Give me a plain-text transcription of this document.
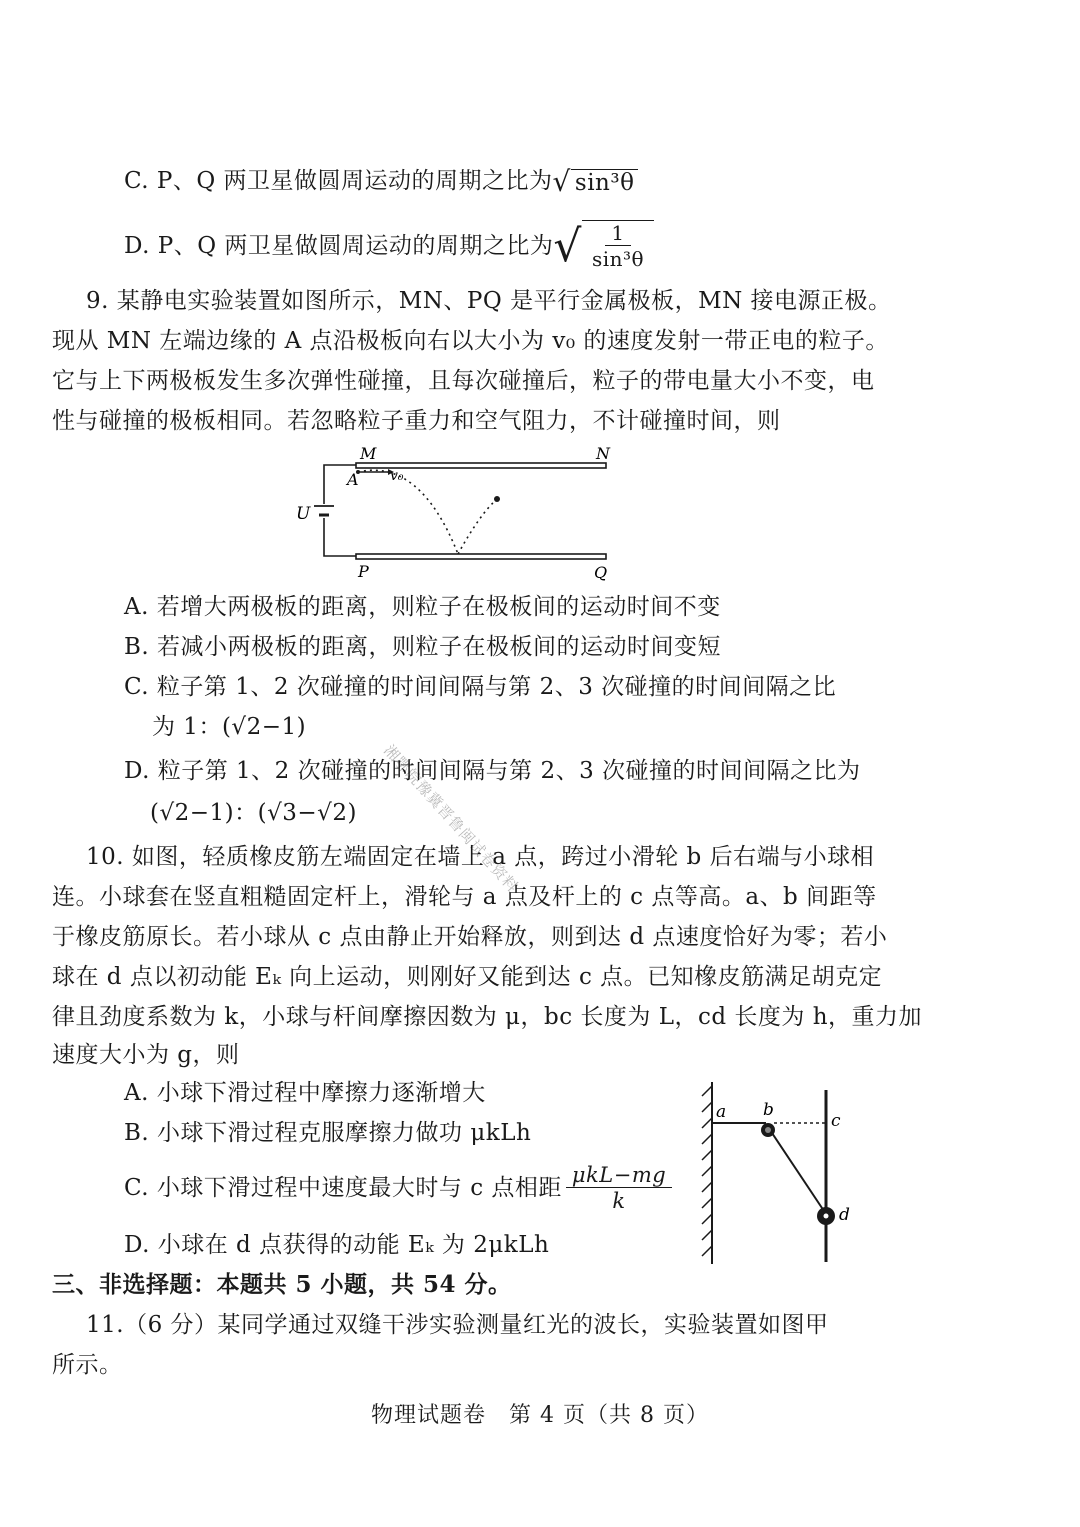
C. P、Q 两卫星做圆周运动的周期之比为 √ sin³θ
D. P、Q 两卫星做圆周运动的周期之比为 √ $\frac{1}{\text{sin³θ}}$
9. 某静电实验装置如图所示，MN、PQ 是平行金属极板，MN 接电源正极。
现从 MN 左端边缘的 A 点沿极板向右以大小为 v₀ 的速度发射一带正电的粒子。
它与上下两极板发生多次弹性碰撞，且每次碰撞后，粒子的带电量大小不变，电
性与碰撞的极板相同。若忽略粒子重力和空气阻力，不计碰撞时间，则
M	N
A v₀
U
P	Q
A. 若增大两极板的距离，则粒子在极板间的运动时间不变
B. 若减小两极板的距离，则粒子在极板间的运动时间变短
C. 粒子第 1、2 次碰撞的时间间隔与第 2、3 次碰撞的时间间隔之比
为 1：(√2−1)
D. 粒子第 1、2 次碰撞的时间间隔与第 2、3 次碰撞的时间间隔之比为
(√2−1)：(√3−√2)
10. 如图，轻质橡皮筋左端固定在墙上 a 点，跨过小滑轮 b 后右端与小球相
连。小球套在竖直粗糙固定杆上，滑轮与 a 点及杆上的 c 点等高。a、b 间距等
于橡皮筋原长。若小球从 c 点由静止开始释放，则到达 d 点速度恰好为零；若小
球在 d 点以初动能 Eₖ 向上运动，则刚好又能到达 c 点。已知橡皮筋满足胡克定
律且劲度系数为 k，小球与杆间摩擦因数为 μ，bc 长度为 L，cd 长度为 h，重力加
速度大小为 g，则
A. 小球下滑过程中摩擦力逐渐增大
B. 小球下滑过程克服摩擦力做功 μkLh
C. 小球下滑过程中速度最大时与 c 点相距 $\frac{\text{μkL−mg}}{k}$
D. 小球在 d 点获得的动能 Eₖ 为 2μkLh
a b
c
d
三、非选择题：本题共 5 小题，共 54 分。
11.（6 分）某同学通过双缝干涉实验测量红光的波长，实验装置如图甲
所示。
物理试题卷　第 4 页（共 8 页）
湘鄂皖豫冀晋鲁闽试卷资料
